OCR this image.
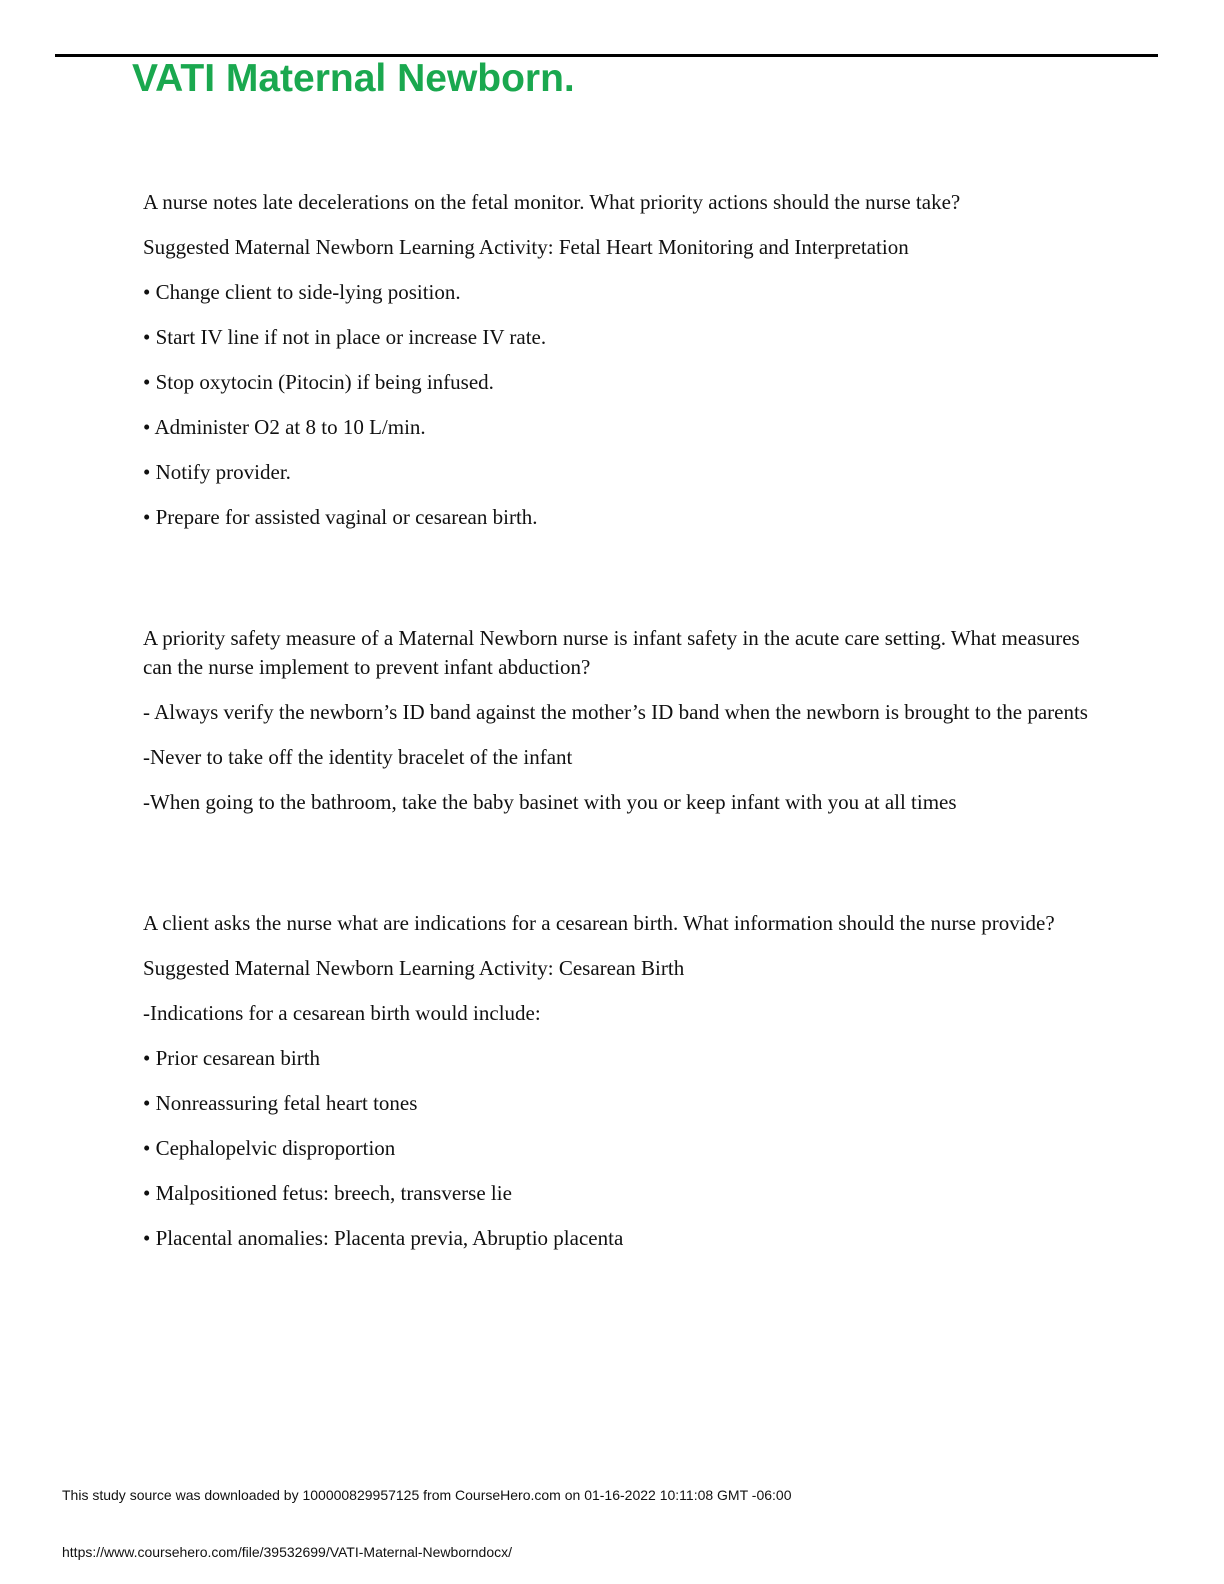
VATI Maternal Newborn.

A nurse notes late decelerations on the fetal monitor. What priority actions should the nurse take?

Suggested Maternal Newborn Learning Activity: Fetal Heart Monitoring and Interpretation

• Change client to side-lying position.

• Start IV line if not in place or increase IV rate.

• Stop oxytocin (Pitocin) if being infused.

• Administer O2 at 8 to 10 L/min.

• Notify provider.

• Prepare for assisted vaginal or cesarean birth.

A priority safety measure of a Maternal Newborn nurse is infant safety in the acute care setting. What measures can the nurse implement to prevent infant abduction?

- Always verify the newborn’s ID band against the mother’s ID band when the newborn is brought to the parents

-Never to take off the identity bracelet of the infant

-When going to the bathroom, take the baby basinet with you or keep infant with you at all times

A client asks the nurse what are indications for a cesarean birth. What information should the nurse provide?

Suggested Maternal Newborn Learning Activity: Cesarean Birth

-Indications for a cesarean birth would include:

• Prior cesarean birth

• Nonreassuring fetal heart tones

• Cephalopelvic disproportion

• Malpositioned fetus: breech, transverse lie

• Placental anomalies: Placenta previa, Abruptio placenta

This study source was downloaded by 100000829957125 from CourseHero.com on 01-16-2022 10:11:08 GMT -06:00
https://www.coursehero.com/file/39532699/VATI-Maternal-Newborndocx/
